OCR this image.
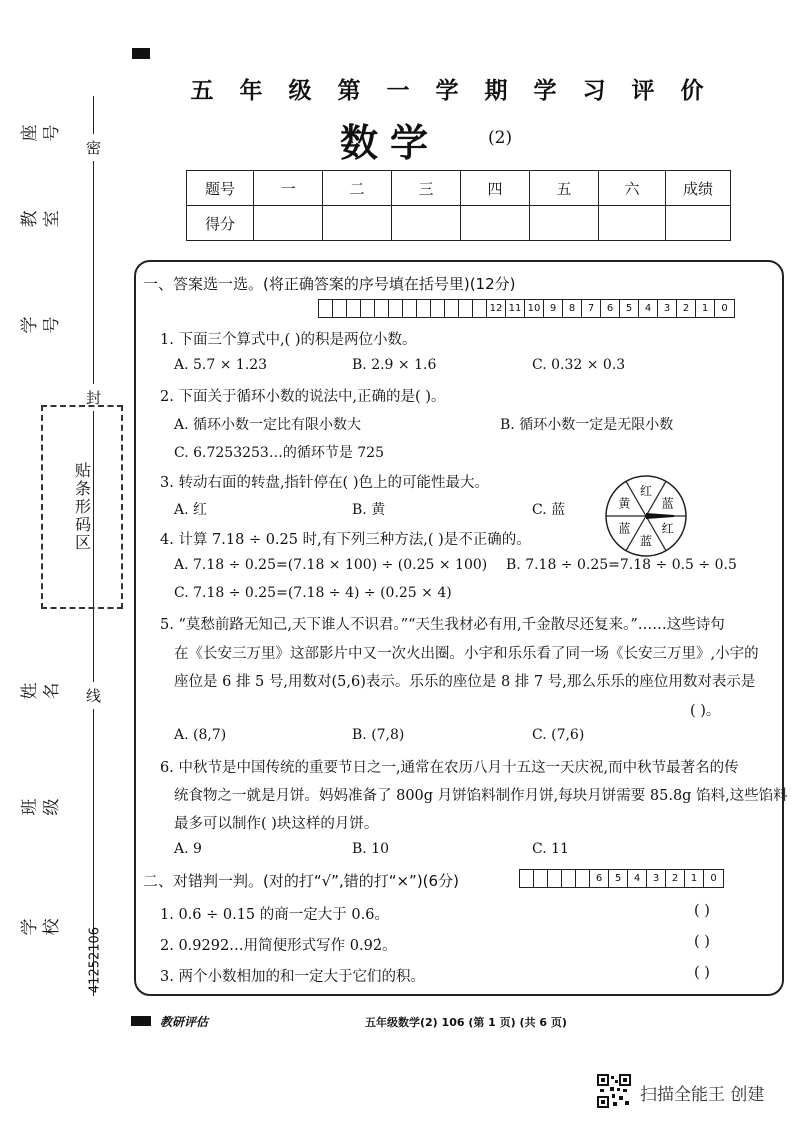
密
封
线
座号
教室
学号
贴条形码区
姓名
班级
学校 41252106
五年级第一学期学习评价
数学	(2)
题号	一	二	三	四	五	六	成绩
得分							
一、答案选一选。(将正确答案的序号填在括号里)(12分)
12 11 10 9	8	7	6	5	4	3	2	1	0
1. 下面三个算式中,( )的积是两位小数。
A. 5.7 × 1.23	B. 2.9 × 1.6	C. 0.32 × 0.3
2. 下面关于循环小数的说法中,正确的是( )。
A. 循环小数一定比有限小数大	B. 循环小数一定是无限小数
C. 6.7253253…的循环节是 725
3. 转动右面的转盘,指针停在( )色上的可能性最大。
A. 红	B. 黄	C. 蓝
红
蓝
红
蓝
蓝
黄
4. 计算 7.18 ÷ 0.25 时,有下列三种方法,( )是不正确的。
A. 7.18 ÷ 0.25=(7.18 × 100) ÷ (0.25 × 100) B. 7.18 ÷ 0.25=7.18 ÷ 0.5 ÷ 0.5
C. 7.18 ÷ 0.25=(7.18 ÷ 4) ÷ (0.25 × 4)
5. “莫愁前路无知己,天下谁人不识君。”“天生我材必有用,千金散尽还复来。”……这些诗句
在《长安三万里》这部影片中又一次火出圈。小宇和乐乐看了同一场《长安三万里》,小宇的
座位是 6 排 5 号,用数对(5,6)表示。乐乐的座位是 8 排 7 号,那么乐乐的座位用数对表示是
( )。
A. (8,7)	B. (7,8)	C. (7,6)
6. 中秋节是中国传统的重要节日之一,通常在农历八月十五这一天庆祝,而中秋节最著名的传
统食物之一就是月饼。妈妈准备了 800g 月饼馅料制作月饼,每块月饼需要 85.8g 馅料,这些馅料
最多可以制作( )块这样的月饼。
A. 9	B. 10	C. 11
二、对错判一判。(对的打“√”,错的打“×”)(6分)	6	5	4	3	2	1	0
1. 0.6 ÷ 0.15 的商一定大于 0.6。	( )
2. 0.9292…用简便形式写作 0.92̇。	( )
3. 两个小数相加的和一定大于它们的积。	( )
教研评估	五年级数学(2) 106 (第 1 页) (共 6 页)
扫描全能王 创建
